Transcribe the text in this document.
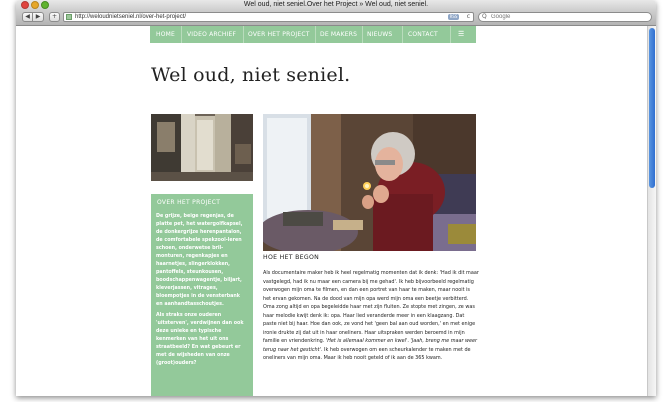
Wel oud, niet seniel.Over het Project » Wel oud, niet seniel.
◀ ▶	+	http://weloudnietseniel.nl/over-het-project/	RSS c Q
Google
HOME VIDEO ARCHIEF OVER HET PROJECT DE MAKERS NIEUWS	CONTACT	☰
Wel oud, niet seniel.
OVER HET PROJECT

De grijze, beige regenjas, de platte pet, het watergolfkapsel, de donkergrijze herenpantalon, de comfortabele spekzool-leren schoen, onderwetse bril-monturen, regenkapjes en haarnetjes, slingerklokken, pantoffels, steunkousen, boodschappenwagentje, biljart, kleverjassen, vitrages, bloempotjes in de vensterbank en aanhandtasschoutjes.

Als straks onze ouderen 'uitsterven', verdwijnen dan ook deze unieke en typische kenmerken van het uit ons straatbeeld? En wat gebeurt er met de wijsheden van onze (groot)ouders?

HOE HET BEGON

Als documentaire maker heb ik heel regelmatig momenten dat ik denk: 'Had ik dit maar vastgelegd, had ik nu maar een camera bij me gehad'. Ik heb bijvoorbeeld regelmatig overwogen mijn oma te filmen, en dan een portret van haar te maken, maar nooit is het ervan gekomen. Na de dood van mijn opa werd mijn oma een beetje verbitterd. Oma zong altijd en opa begeleidde haar met zijn fluiten. Ze stopte met zingen, ze was haar melodie kwijt denk ik: opa. Haar lied veranderde meer in een klaagzang. Dat paste niet bij haar. Hoe dan ook, ze vond het 'geen bal aan oud worden,' en met enige ironie drukte zij dat uit in haar oneliners. Haar uitspraken werden beroemd in mijn familie en vriendenkring. 'Het is allemaal kommer en kwel'. 'Jaah, breng me maar weer terug naar het gesticht'. Ik heb overwogen om een scheurkalender te maken met de oneliners van mijn oma. Maar ik heb nooit geteld of ik aan de 365 kwam.
